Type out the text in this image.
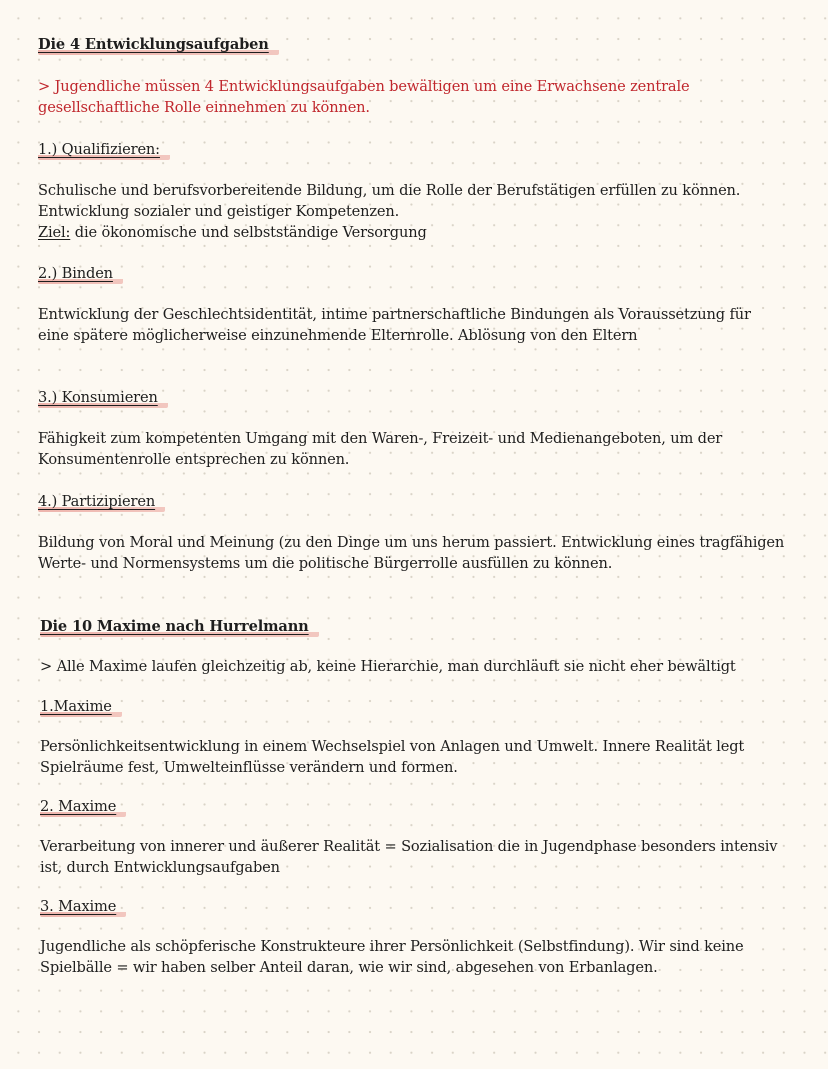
Die 4 Entwicklungsaufgaben

> Jugendliche müssen 4 Entwicklungsaufgaben bewältigen um eine Erwachsene zentrale gesellschaftliche Rolle einnehmen zu können.

1.) Qualifizieren:

Schulische und berufsvorbereitende Bildung, um die Rolle der Berufstätigen erfüllen zu können. Entwicklung sozialer und geistiger Kompetenzen.

Ziel: die ökonomische und selbstständige Versorgung

2.) Binden

Entwicklung der Geschlechtsidentität, intime partnerschaftliche Bindungen als Voraussetzung für eine spätere möglicherweise einzunehmende Elternrolle. Ablösung von den Eltern

3.) Konsumieren

Fähigkeit zum kompetenten Umgang mit den Waren-, Freizeit- und Medienangeboten, um der Konsumentenrolle entsprechen zu können.

4.) Partizipieren

Bildung von Moral und Meinung (zu den Dinge um uns herum passiert. Entwicklung eines tragfähigen Werte- und Normensystems um die politische Bürgerrolle ausfüllen zu können.

Die 10 Maxime nach Hurrelmann

> Alle Maxime laufen gleichzeitig ab, keine Hierarchie, man durchläuft sie nicht eher bewältigt

1.Maxime

Persönlichkeitsentwicklung in einem Wechselspiel von Anlagen und Umwelt. Innere Realität legt Spielräume fest, Umwelteinflüsse verändern und formen.

2. Maxime

Verarbeitung von innerer und äußerer Realität = Sozialisation die in Jugendphase besonders intensiv ist, durch Entwicklungsaufgaben

3. Maxime

Jugendliche als schöpferische Konstrukteure ihrer Persönlichkeit (Selbstfindung). Wir sind keine Spielbälle = wir haben selber Anteil daran, wie wir sind, abgesehen von Erbanlagen.
